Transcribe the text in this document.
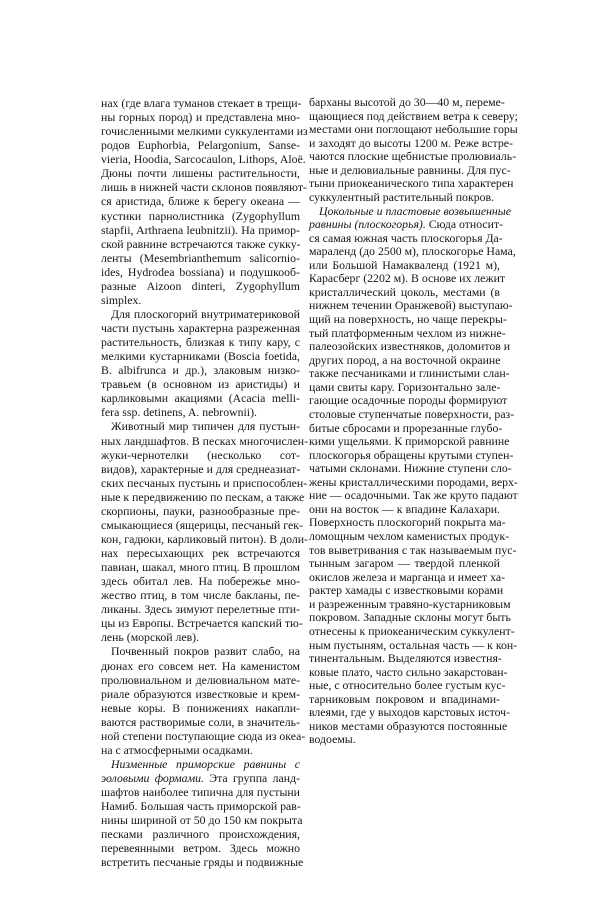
нах (где влага туманов стекает в трещи-
ны горных пород) и представлена мно-
гочисленными мелкими суккулентами из
родов Euphorbia, Pelargonium, Sanse-
vieria, Hoodia, Sarcocaulon, Lithops, Aloë.
Дюны почти лишены растительности,
лишь в нижней части склонов появляют-
ся аристида, ближе к берегу океана —
кустики парнолистника (Zygophyllum
stapfii, Arthraena leubnitzii). На примор-
ской равнине встречаются также сукку-
ленты (Mesembrianthemum salicornio-
ides, Hydrodea bossiana) и подушкооб-
разные Aizoon dinteri, Zygophyllum
simplex.
Для плоскогорий внутриматериковой
части пустынь характерна разреженная
растительность, близкая к типу кару, с
мелкими кустарниками (Boscia foetida,
B. albifrunca и др.), злаковым низко-
травьем (в основном из аристиды) и
карликовыми акациями (Acacia melli-
fera ssp. detinens, A. nebrownii).
Животный мир типичен для пустын-
ных ландшафтов. В песках многочислен-
жуки-чернотелки (несколько сот-
видов), характерные и для среднеазиат-
ских песчаных пустынь и приспособлен-
ные к передвижению по пескам, а также
скорпионы, пауки, разнообразные пре-
смыкающиеся (ящерицы, песчаный гек-
кон, гадюки, карликовый питон). В доли-
нах пересыхающих рек встречаются
павиан, шакал, много птиц. В прошлом
здесь обитал лев. На побережье мно-
жество птиц, в том числе бакланы, пе-
ликаны. Здесь зимуют перелетные пти-
цы из Европы. Встречается капский тю-
лень (морской лев).
Почвенный покров развит слабо, на
дюнах его совсем нет. На каменистом
пролювиальном и делювиальном мате-
риале образуются известковые и крем-
невые коры. В понижениях накапли-
ваются растворимые соли, в значитель-
ной степени поступающие сюда из океа-
на с атмосферными осадками.
Низменные приморские равнины с
эоловыми формами. Эта группа ланд-
шафтов наиболее типична для пустыни
Намиб. Большая часть приморской рав-
нины шириной от 50 до 150 км покрыта
песками различного происхождения,
перевеянными ветром. Здесь можно
встретить песчаные гряды и подвижные
барханы высотой до 30—40 м, переме-
щающиеся под действием ветра к северу;
местами они поглощают небольшие горы
и заходят до высоты 1200 м. Реже встре-
чаются плоские щебнистые пролювиаль-
ные и делювиальные равнины. Для пус-
тыни приокеанического типа характерен
суккулентный растительный покров.
Цокольные и пластовые возвышенные
равнины (плоскогорья). Сюда относит-
ся самая южная часть плоскогорья Да-
мараленд (до 2500 м), плоскогорье Нама,
или Большой Намакваленд (1921 м),
Карасберг (2202 м). В основе их лежит
кристаллический цоколь, местами (в
нижнем течении Оранжевой) выступаю-
щий на поверхность, но чаще перекры-
тый платформенным чехлом из нижне-
палеозойских известняков, доломитов и
других пород, а на восточной окраине
также песчаниками и глинистыми слан-
цами свиты кару. Горизонтально зале-
гающие осадочные породы формируют
столовые ступенчатые поверхности, раз-
битые сбросами и прорезанные глубо-
кими ущельями. К приморской равнине
плоскогорья обращены крутыми ступен-
чатыми склонами. Нижние ступени сло-
жены кристаллическими породами, верх-
ние — осадочными. Так же круто падают
они на восток — к впадине Калахари.
Поверхность плоскогорий покрыта ма-
ломощным чехлом каменистых продук-
тов выветривания с так называемым пус-
тынным загаром — твердой пленкой
окислов железа и марганца и имеет ха-
рактер хамады с известковыми корами
и разреженным травяно-кустарниковым
покровом. Западные склоны могут быть
отнесены к приокеаническим суккулент-
ным пустыням, остальная часть — к кон-
тинентальным. Выделяются известня-
ковые плато, часто сильно закарстован-
ные, с относительно более густым кус-
тарниковым покровом и впадинами-
влеями, где у выходов карстовых источ-
ников местами образуются постоянные
водоемы.
